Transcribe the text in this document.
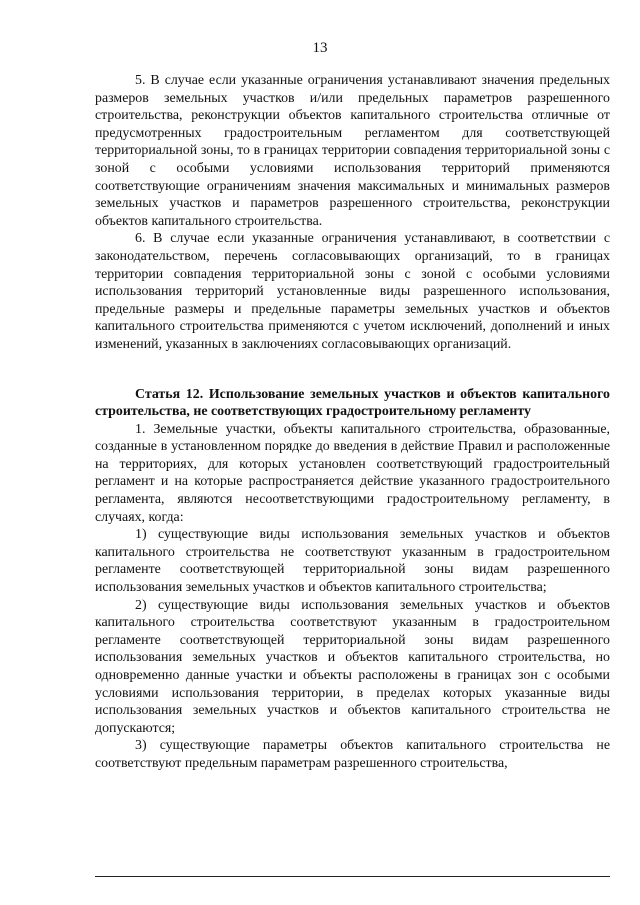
13

5. В случае если указанные ограничения устанавливают значения предельных размеров земельных участков и/или предельных параметров разрешенного строительства, реконструкции объектов капитального строительства отличные от предусмотренных градостроительным регламентом для соответствующей территориальной зоны, то в границах территории совпадения территориальной зоны с зоной с особыми условиями использования территорий применяются соответствующие ограничениям значения максимальных и минимальных размеров земельных участков и параметров разрешенного строительства, реконструкции объектов капитального строительства.

6. В случае если указанные ограничения устанавливают, в соответствии с законодательством, перечень согласовывающих организаций, то в границах территории совпадения территориальной зоны с зоной с особыми условиями использования территорий установленные виды разрешенного использования, предельные размеры и предельные параметры земельных участков и объектов капитального строительства применяются с учетом исключений, дополнений и иных изменений, указанных в заключениях согласовывающих организаций.

Статья 12. Использование земельных участков и объектов капитального строительства, не соответствующих градостроительному регламенту

1. Земельные участки, объекты капитального строительства, образованные, созданные в установленном порядке до введения в действие Правил и расположенные на территориях, для которых установлен соответствующий градостроительный регламент и на которые распространяется действие указанного градостроительного регламента, являются несоответствующими градостроительному регламенту, в случаях, когда:

1) существующие виды использования земельных участков и объектов капитального строительства не соответствуют указанным в градостроительном регламенте соответствующей территориальной зоны видам разрешенного использования земельных участков и объектов капитального строительства;

2) существующие виды использования земельных участков и объектов капитального строительства соответствуют указанным в градостроительном регламенте соответствующей территориальной зоны видам разрешенного использования земельных участков и объектов капитального строительства, но одновременно данные участки и объекты расположены в границах зон с особыми условиями использования территории, в пределах которых указанные виды использования земельных участков и объектов капитального строительства не допускаются;

3) существующие параметры объектов капитального строительства не соответствуют предельным параметрам разрешенного строительства,
